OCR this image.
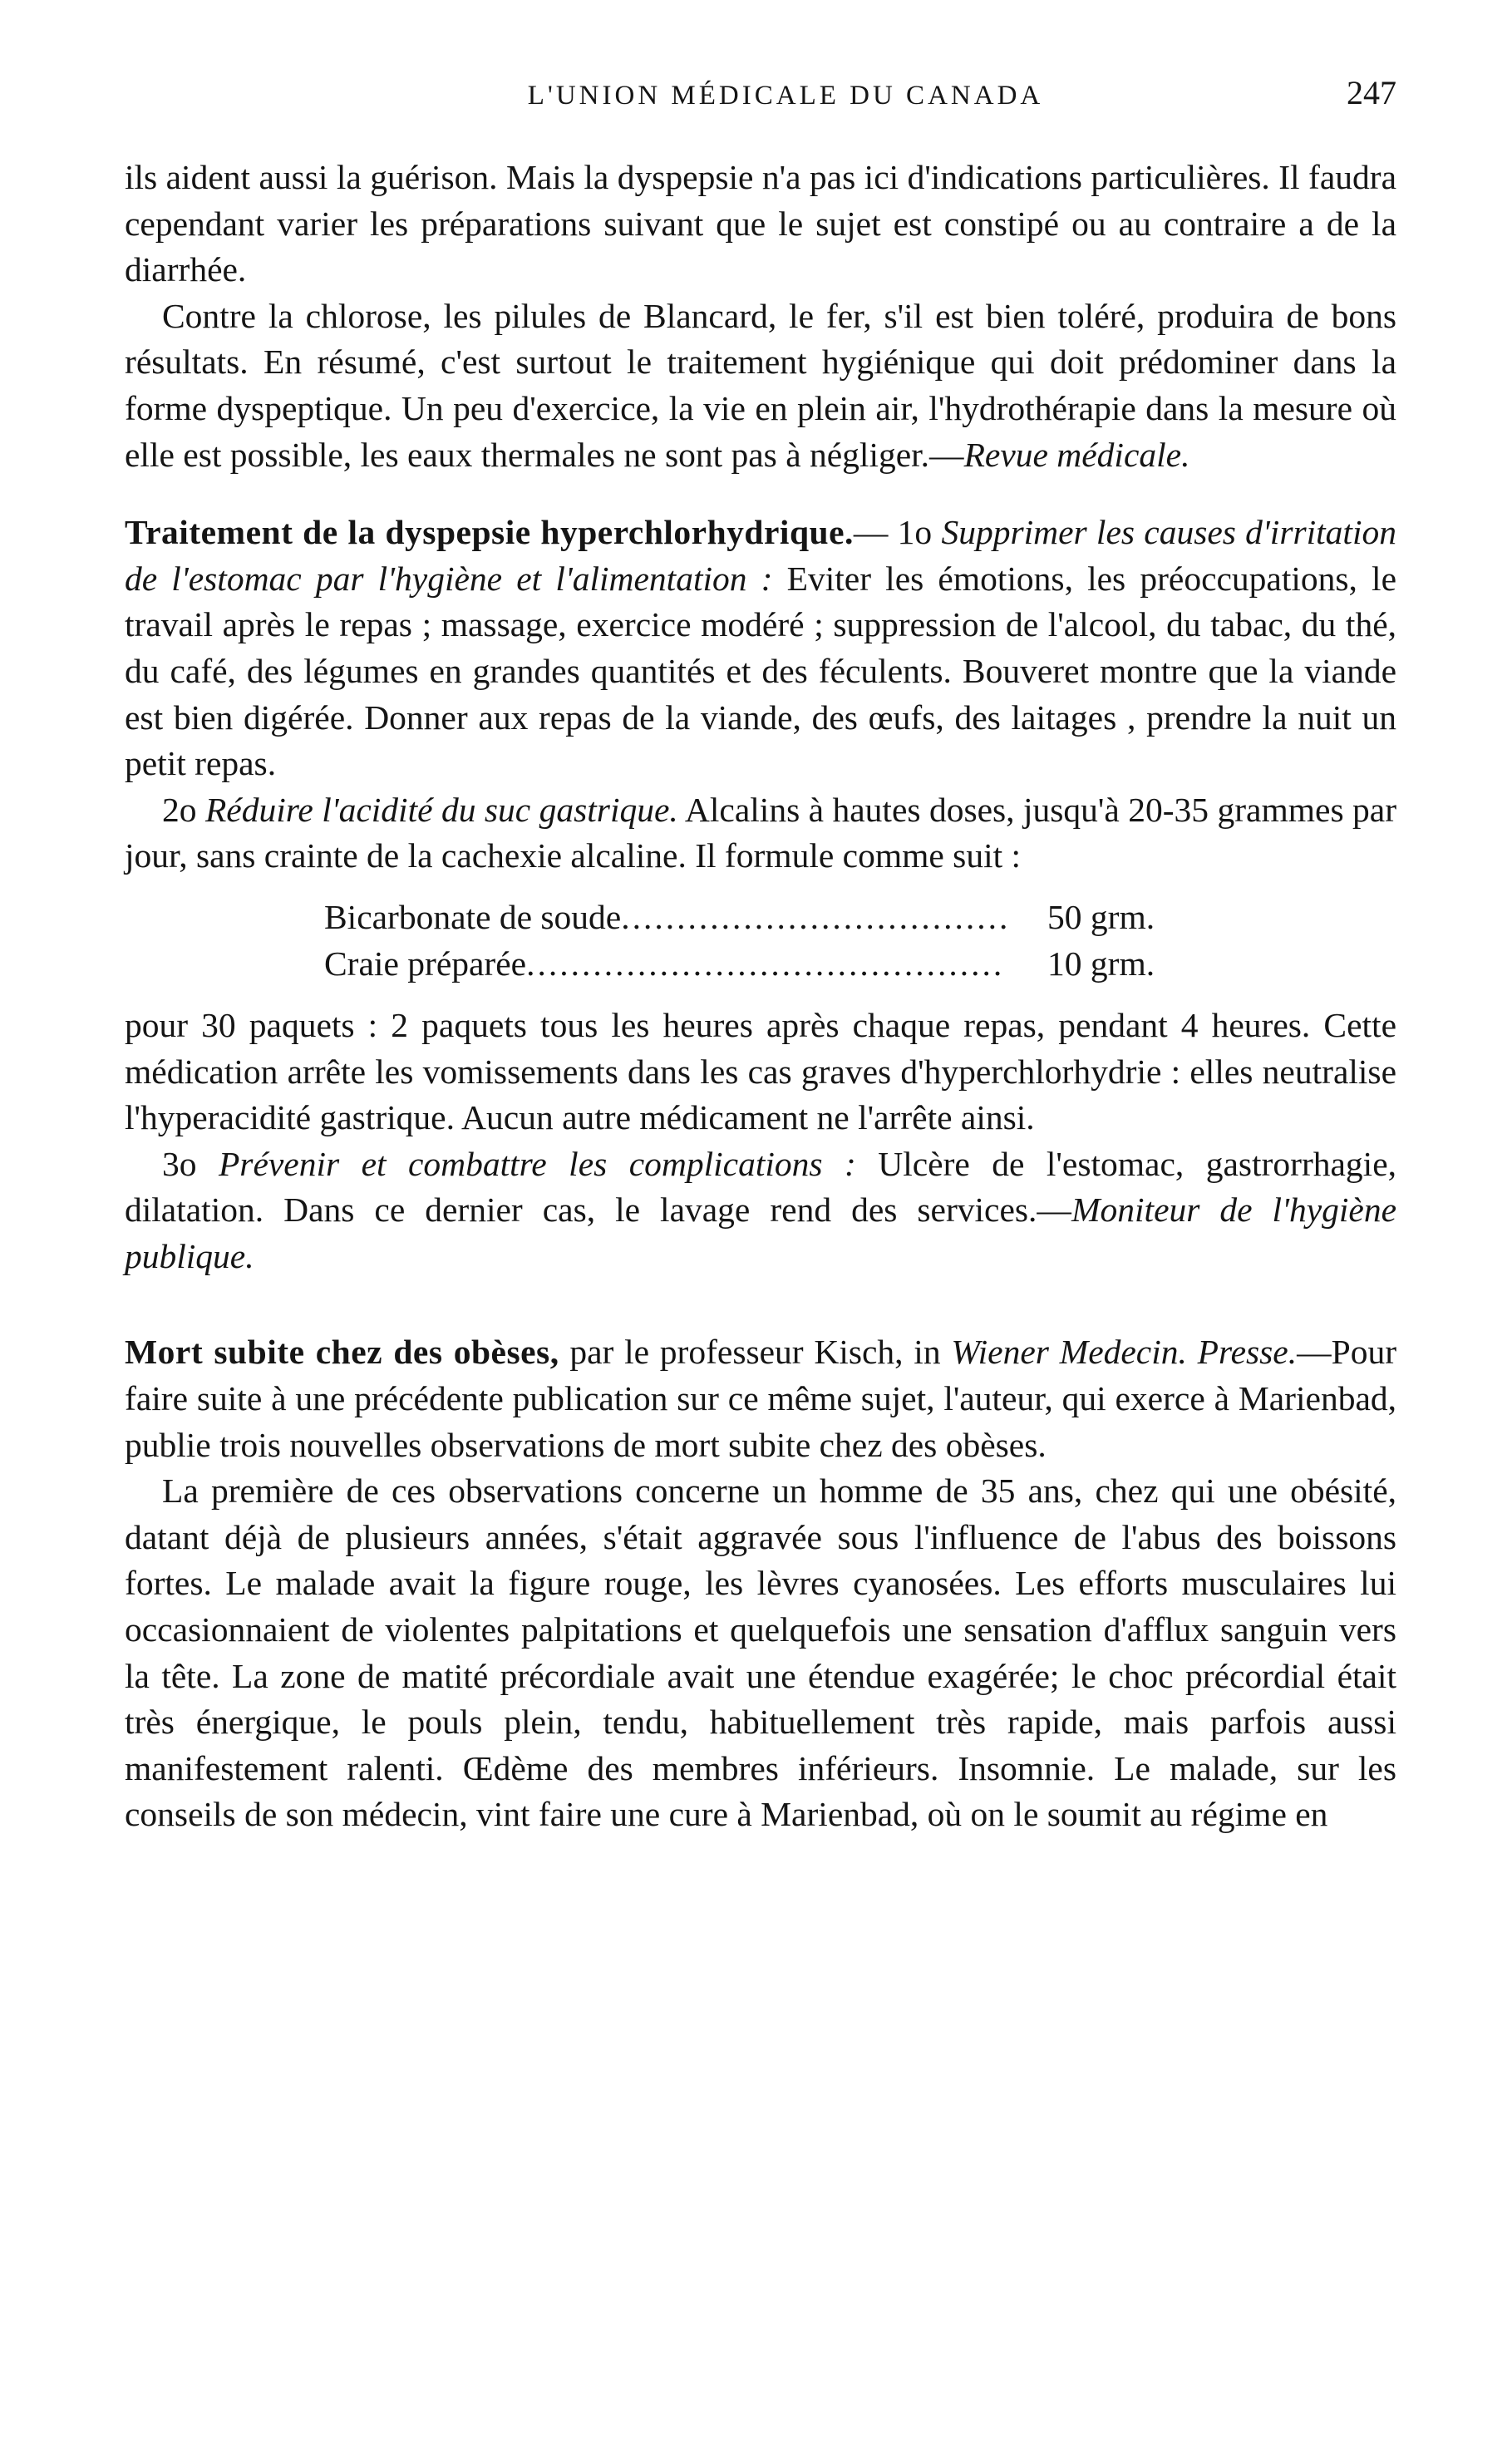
L'UNION MÉDICALE DU CANADA	247

ils aident aussi la guérison. Mais la dyspepsie n'a pas ici d'indications particulières. Il faudra cependant varier les préparations suivant que le sujet est constipé ou au contraire a de la diarrhée.

Contre la chlorose, les pilules de Blancard, le fer, s'il est bien toléré, produira de bons résultats. En résumé, c'est surtout le traitement hygiénique qui doit prédominer dans la forme dyspeptique. Un peu d'exercice, la vie en plein air, l'hydrothérapie dans la mesure où elle est possible, les eaux thermales ne sont pas à négliger.—Revue médicale.

Traitement de la dyspepsie hyperchlorhydrique.— 1o Supprimer les causes d'irritation de l'estomac par l'hygiène et l'alimentation : Eviter les émotions, les préoccupations, le travail après le repas ; massage, exercice modéré ; suppression de l'alcool, du tabac, du thé, du café, des légumes en grandes quantités et des féculents. Bouveret montre que la viande est bien digérée. Donner aux repas de la viande, des œufs, des laitages , prendre la nuit un petit repas.

2o Réduire l'acidité du suc gastrique. Alcalins à hautes doses, jusqu'à 20-35 grammes par jour, sans crainte de la cachexie alcaline. Il formule comme suit :

Bicarbonate de soude .....	50 grm.
Craie préparée .....	10 grm.

pour 30 paquets : 2 paquets tous les heures après chaque repas, pendant 4 heures. Cette médication arrête les vomissements dans les cas graves d'hyperchlorhydrie : elles neutralise l'hyperacidité gastrique. Aucun autre médicament ne l'arrête ainsi.

3o Prévenir et combattre les complications : Ulcère de l'estomac, gastrorrhagie, dilatation. Dans ce dernier cas, le lavage rend des services.—Moniteur de l'hygiène publique.

Mort subite chez des obèses, par le professeur Kisch, in Wiener Medecin. Presse.—Pour faire suite à une précédente publication sur ce même sujet, l'auteur, qui exerce à Marienbad, publie trois nouvelles observations de mort subite chez des obèses.

La première de ces observations concerne un homme de 35 ans, chez qui une obésité, datant déjà de plusieurs années, s'était aggravée sous l'influence de l'abus des boissons fortes. Le malade avait la figure rouge, les lèvres cyanosées. Les efforts musculaires lui occasionnaient de violentes palpitations et quelquefois une sensation d'afflux sanguin vers la tête. La zone de matité précordiale avait une étendue exagérée; le choc précordial était très énergique, le pouls plein, tendu, habituellement très rapide, mais parfois aussi manifestement ralenti. Œdème des membres inférieurs. Insomnie. Le malade, sur les conseils de son médecin, vint faire une cure à Marienbad, où on le soumit au régime en
